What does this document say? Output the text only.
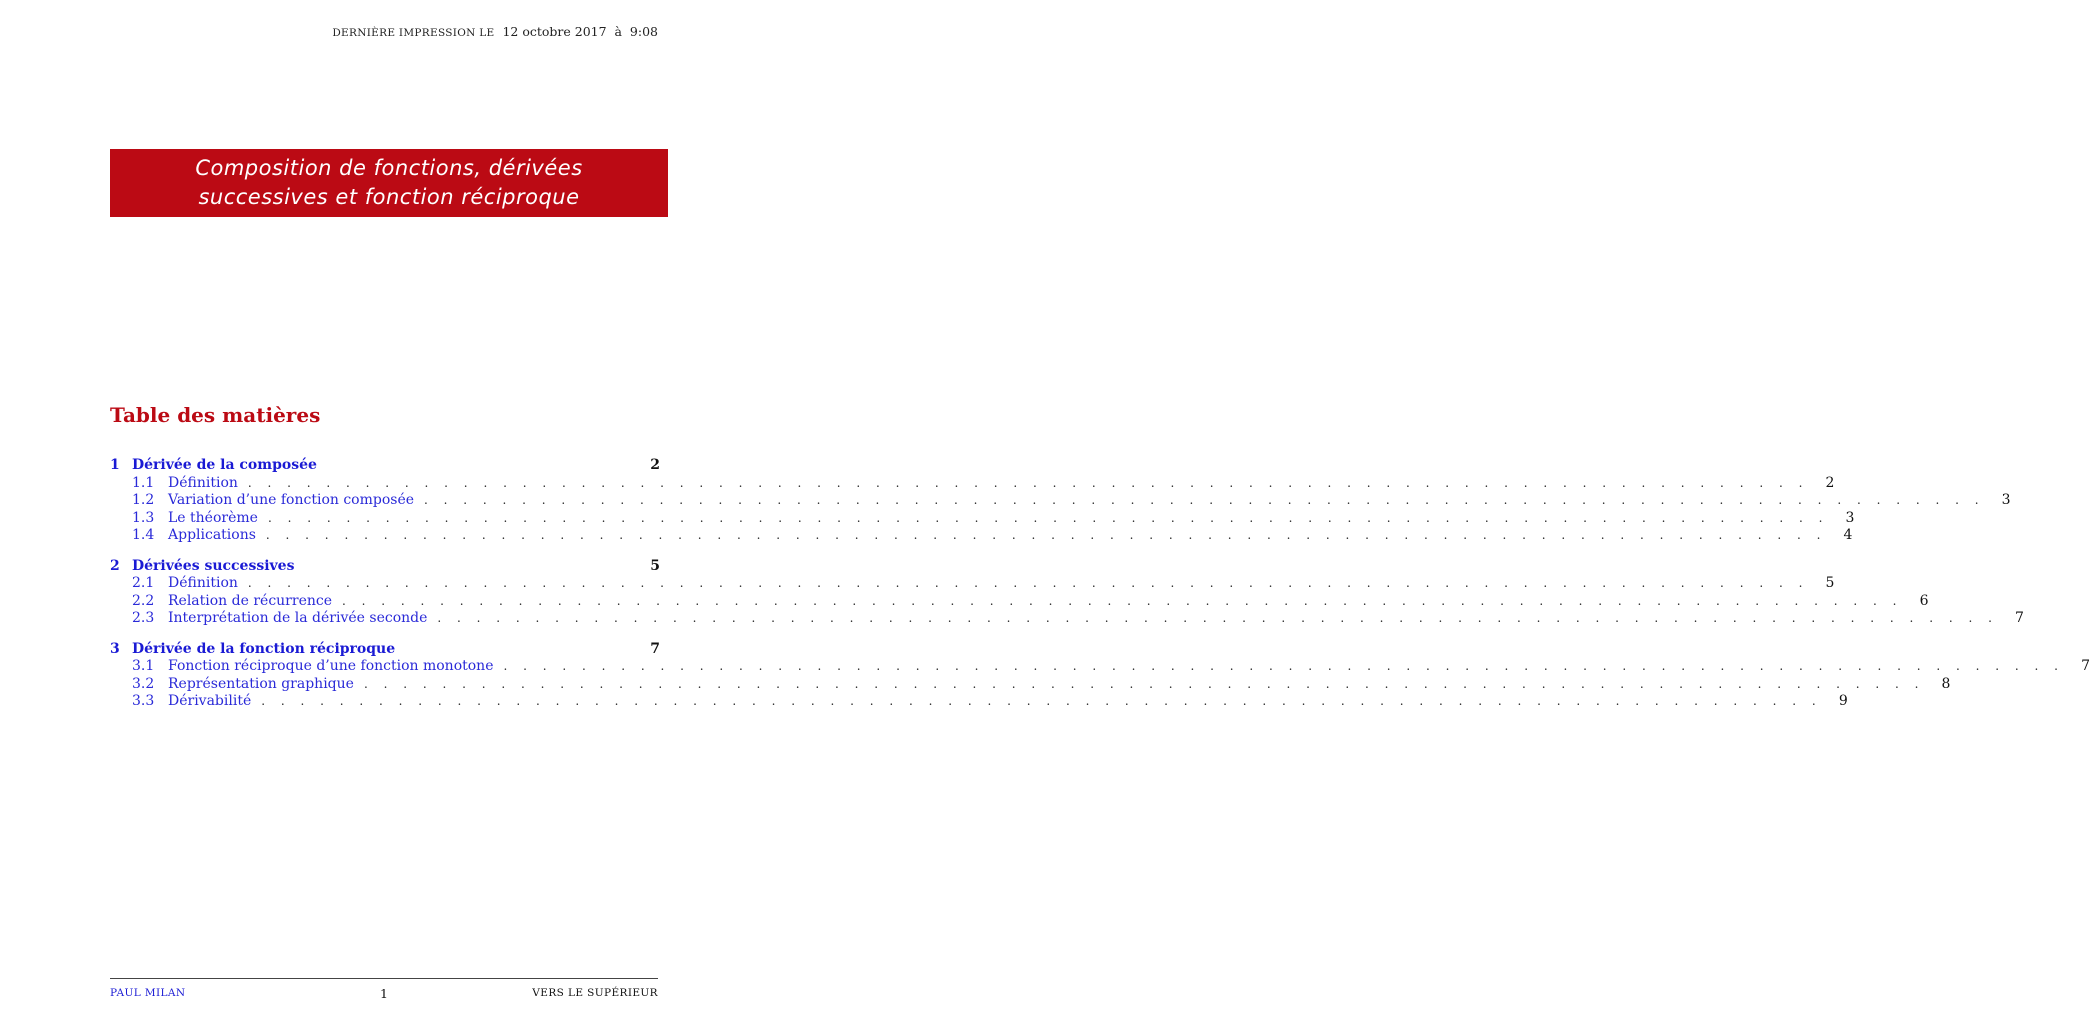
DERNIÈRE IMPRESSION LE 12 octobre 2017 à 9:08
Composition de fonctions, dérivées
successives et fonction réciproque
Table des matières
1 Dérivée de la composée	2
1.1 Définition . . . . . . . . . . . . . . . . . . . . . . . . . . . . . . . . . . . . . . . . . . . . . . . . . . . . . . . . . . . . . . . . . . . . . . . . . . . . . . . .	2
1.2 Variation d’une fonction composée . . . . . . . . . . . . . . . . . . . . . . . . . . . . . . . . . . . . . . . . . . . . . . . . . . . . . . . . . . . . . . . . . . . . . . . . . . . . . . . .	3
1.3 Le théorème . . . . . . . . . . . . . . . . . . . . . . . . . . . . . . . . . . . . . . . . . . . . . . . . . . . . . . . . . . . . . . . . . . . . . . . . . . . . . . . .	3
1.4 Applications . . . . . . . . . . . . . . . . . . . . . . . . . . . . . . . . . . . . . . . . . . . . . . . . . . . . . . . . . . . . . . . . . . . . . . . . . . . . . . . .	4
2 Dérivées successives	5
2.1 Définition . . . . . . . . . . . . . . . . . . . . . . . . . . . . . . . . . . . . . . . . . . . . . . . . . . . . . . . . . . . . . . . . . . . . . . . . . . . . . . . .	5
2.2 Relation de récurrence . . . . . . . . . . . . . . . . . . . . . . . . . . . . . . . . . . . . . . . . . . . . . . . . . . . . . . . . . . . . . . . . . . . . . . . . . . . . . . . .	6
2.3 Interprétation de la dérivée seconde . . . . . . . . . . . . . . . . . . . . . . . . . . . . . . . . . . . . . . . . . . . . . . . . . . . . . . . . . . . . . . . . . . . . . . . . . . . . . . . .	7
3 Dérivée de la fonction réciproque	7
3.1 Fonction réciproque d’une fonction monotone . . . . . . . . . . . . . . . . . . . . . . . . . . . . . . . . . . . . . . . . . . . . . . . . . . . . . . . . . . . . . . . . . . . . . . . . . . . . . . . .	7
3.2 Représentation graphique . . . . . . . . . . . . . . . . . . . . . . . . . . . . . . . . . . . . . . . . . . . . . . . . . . . . . . . . . . . . . . . . . . . . . . . . . . . . . . . .	8
3.3 Dérivabilité . . . . . . . . . . . . . . . . . . . . . . . . . . . . . . . . . . . . . . . . . . . . . . . . . . . . . . . . . . . . . . . . . . . . . . . . . . . . . . . .	9
PAUL MILAN	1	VERS LE SUPÉRIEUR
